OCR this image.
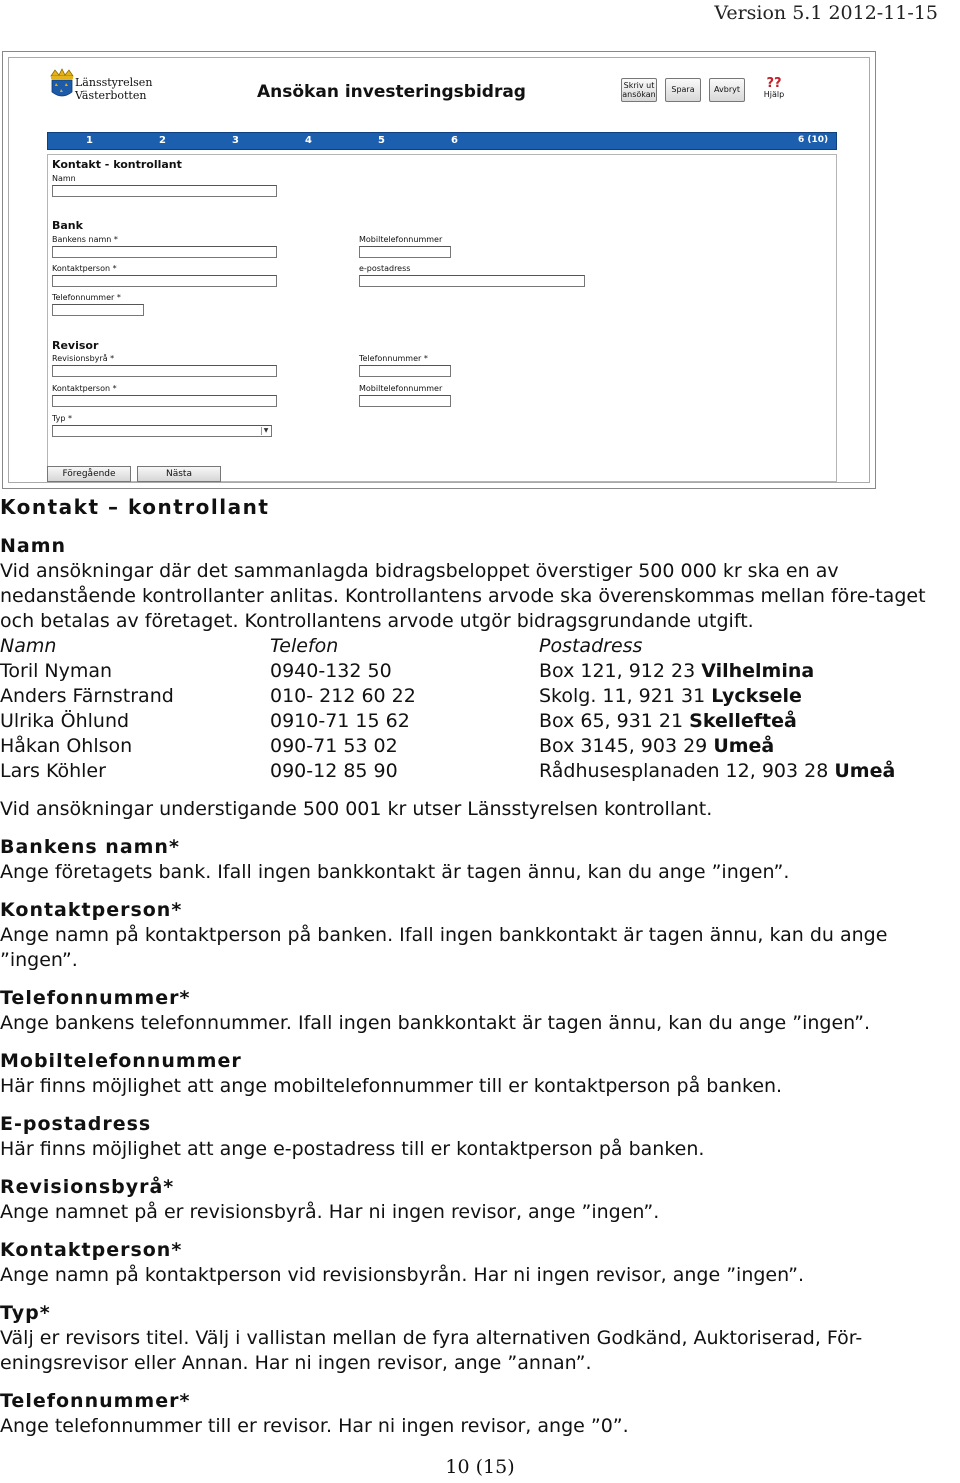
Version 5.1 2012-11-15
Länsstyrelsen
Västerbotten	Ansökan investeringsbidrag	Skriv ut ansökan
Spara	Avbryt	??
Hjälp
1	2	3	4	5	6	6 (10)
Kontakt - kontrollant
Namn
Bank
Bankens namn *	Mobiltelefonnummer
Kontaktperson *	e-postadress
Telefonnummer *
Revisor
Revisionsbyrå *	Telefonnummer *
Kontaktperson *	Mobiltelefonnummer
Typ *
▼
Föregående	Nästa
Kontakt – kontrollant
Namn

Vid ansökningar där det sammanlagda bidragsbeloppet överstiger 500 000 kr ska en av nedanstående kontrollanter anlitas. Kontrollantens arvode ska överenskommas mellan före-taget och betalas av företaget. Kontrollantens arvode utgör bidragsgrundande utgift.

Namn	Telefon	Postadress
Toril Nyman	0940-132 50	Box 121, 912 23 Vilhelmina
Anders Färnstrand	010- 212 60 22	Skolg. 11, 921 31 Lycksele
Ulrika Öhlund	0910-71 15 62	Box 65, 931 21 Skellefteå
Håkan Ohlson	090-71 53 02	Box 3145, 903 29 Umeå
Lars Köhler	090-12 85 90	Rådhusesplanaden 12, 903 28 Umeå

Vid ansökningar understigande 500 001 kr utser Länsstyrelsen kontrollant.

Bankens namn*

Ange företagets bank. Ifall ingen bankkontakt är tagen ännu, kan du ange ”ingen”.

Kontaktperson*

Ange namn på kontaktperson på banken. Ifall ingen bankkontakt är tagen ännu, kan du ange ”ingen”.

Telefonnummer*

Ange bankens telefonnummer. Ifall ingen bankkontakt är tagen ännu, kan du ange ”ingen”.

Mobiltelefonnummer

Här finns möjlighet att ange mobiltelefonnummer till er kontaktperson på banken.

E-postadress

Här finns möjlighet att ange e-postadress till er kontaktperson på banken.

Revisionsbyrå*

Ange namnet på er revisionsbyrå. Har ni ingen revisor, ange ”ingen”.

Kontaktperson*

Ange namn på kontaktperson vid revisionsbyrån. Har ni ingen revisor, ange ”ingen”.

Typ*

Välj er revisors titel. Välj i vallistan mellan de fyra alternativen Godkänd, Auktoriserad, För-eningsrevisor eller Annan. Har ni ingen revisor, ange ”annan”.

Telefonnummer*

Ange telefonnummer till er revisor. Har ni ingen revisor, ange ”0”.

10 (15)
